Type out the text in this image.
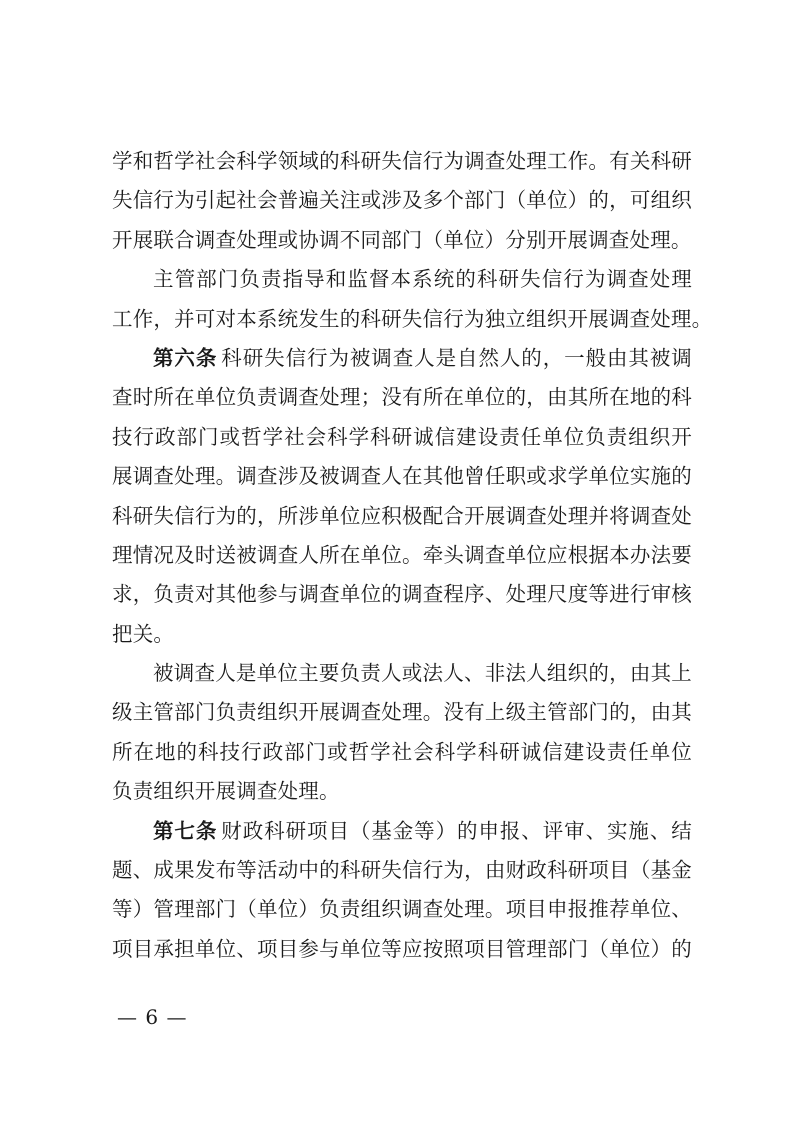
学和哲学社会科学领域的科研失信行为调查处理工作。有关科研
失信行为引起社会普遍关注或涉及多个部门（单位）的，可组织
开展联合调查处理或协调不同部门（单位）分别开展调查处理。
主管部门负责指导和监督本系统的科研失信行为调查处理
工作，并可对本系统发生的科研失信行为独立组织开展调查处理。
第六条 科研失信行为被调查人是自然人的，一般由其被调
查时所在单位负责调查处理；没有所在单位的，由其所在地的科
技行政部门或哲学社会科学科研诚信建设责任单位负责组织开
展调查处理。调查涉及被调查人在其他曾任职或求学单位实施的
科研失信行为的，所涉单位应积极配合开展调查处理并将调查处
理情况及时送被调查人所在单位。牵头调查单位应根据本办法要
求，负责对其他参与调查单位的调查程序、处理尺度等进行审核
把关。
被调查人是单位主要负责人或法人、非法人组织的，由其上
级主管部门负责组织开展调查处理。没有上级主管部门的，由其
所在地的科技行政部门或哲学社会科学科研诚信建设责任单位
负责组织开展调查处理。
第七条 财政科研项目（基金等）的申报、评审、实施、结
题、成果发布等活动中的科研失信行为，由财政科研项目（基金
等）管理部门（单位）负责组织调查处理。项目申报推荐单位、
项目承担单位、项目参与单位等应按照项目管理部门（单位）的
— 6 —
